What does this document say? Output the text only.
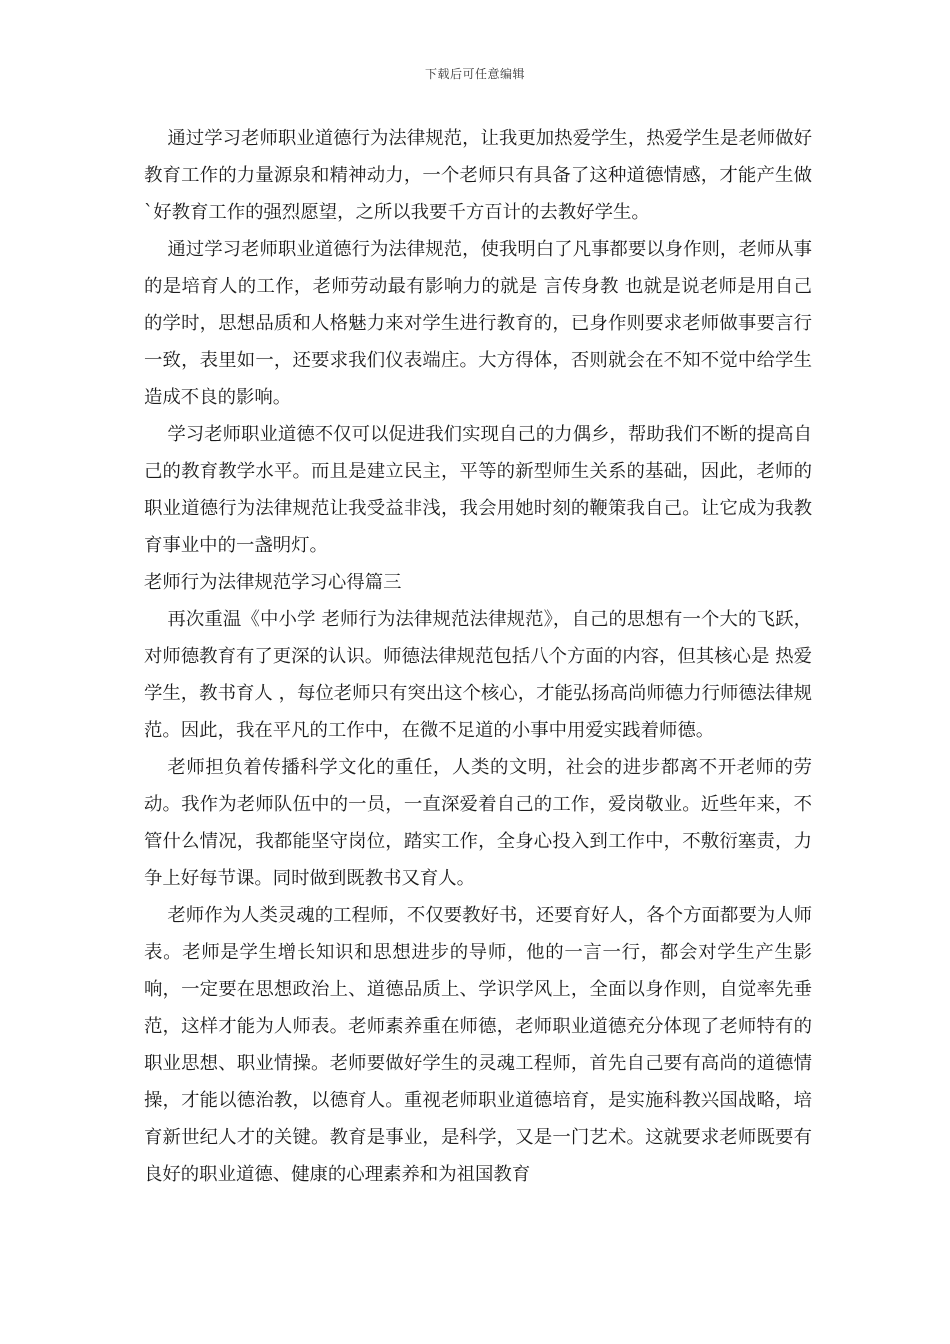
下载后可任意编辑

通过学习老师职业道德行为法律规范，让我更加热爱学生，热爱学生是老师做好教育工作的力量源泉和精神动力，一个老师只有具备了这种道德情感，才能产生做`好教育工作的强烈愿望，之所以我要千方百计的去教好学生。

通过学习老师职业道德行为法律规范，使我明白了凡事都要以身作则，老师从事的是培育人的工作，老师劳动最有影响力的就是 言传身教 也就是说老师是用自己的学时，思想品质和人格魅力来对学生进行教育的，已身作则要求老师做事要言行一致，表里如一，还要求我们仪表端庄。大方得体，否则就会在不知不觉中给学生造成不良的影响。

学习老师职业道德不仅可以促进我们实现自己的力偶乡，帮助我们不断的提高自己的教育教学水平。而且是建立民主，平等的新型师生关系的基础，因此，老师的职业道德行为法律规范让我受益非浅，我会用她时刻的鞭策我自己。让它成为我教育事业中的一盏明灯。

老师行为法律规范学习心得篇三

再次重温《中小学 老师行为法律规范法律规范》，自己的思想有一个大的飞跃，对师德教育有了更深的认识。师德法律规范包括八个方面的内容，但其核心是 热爱学生，教书育人 ，每位老师只有突出这个核心，才能弘扬高尚师德力行师德法律规范。因此，我在平凡的工作中，在微不足道的小事中用爱实践着师德。

老师担负着传播科学文化的重任，人类的文明，社会的进步都离不开老师的劳动。我作为老师队伍中的一员，一直深爱着自己的工作，爱岗敬业。近些年来，不管什么情况，我都能坚守岗位，踏实工作，全身心投入到工作中，不敷衍塞责，力争上好每节课。同时做到既教书又育人。

老师作为人类灵魂的工程师，不仅要教好书，还要育好人，各个方面都要为人师表。老师是学生增长知识和思想进步的导师，他的一言一行，都会对学生产生影响，一定要在思想政治上、道德品质上、学识学风上，全面以身作则，自觉率先垂范，这样才能为人师表。老师素养重在师德，老师职业道德充分体现了老师特有的职业思想、职业情操。老师要做好学生的灵魂工程师，首先自己要有高尚的道德情操，才能以德治教，以德育人。重视老师职业道德培育，是实施科教兴国战略，培育新世纪人才的关键。教育是事业，是科学，又是一门艺术。这就要求老师既要有良好的职业道德、健康的心理素养和为祖国教育
